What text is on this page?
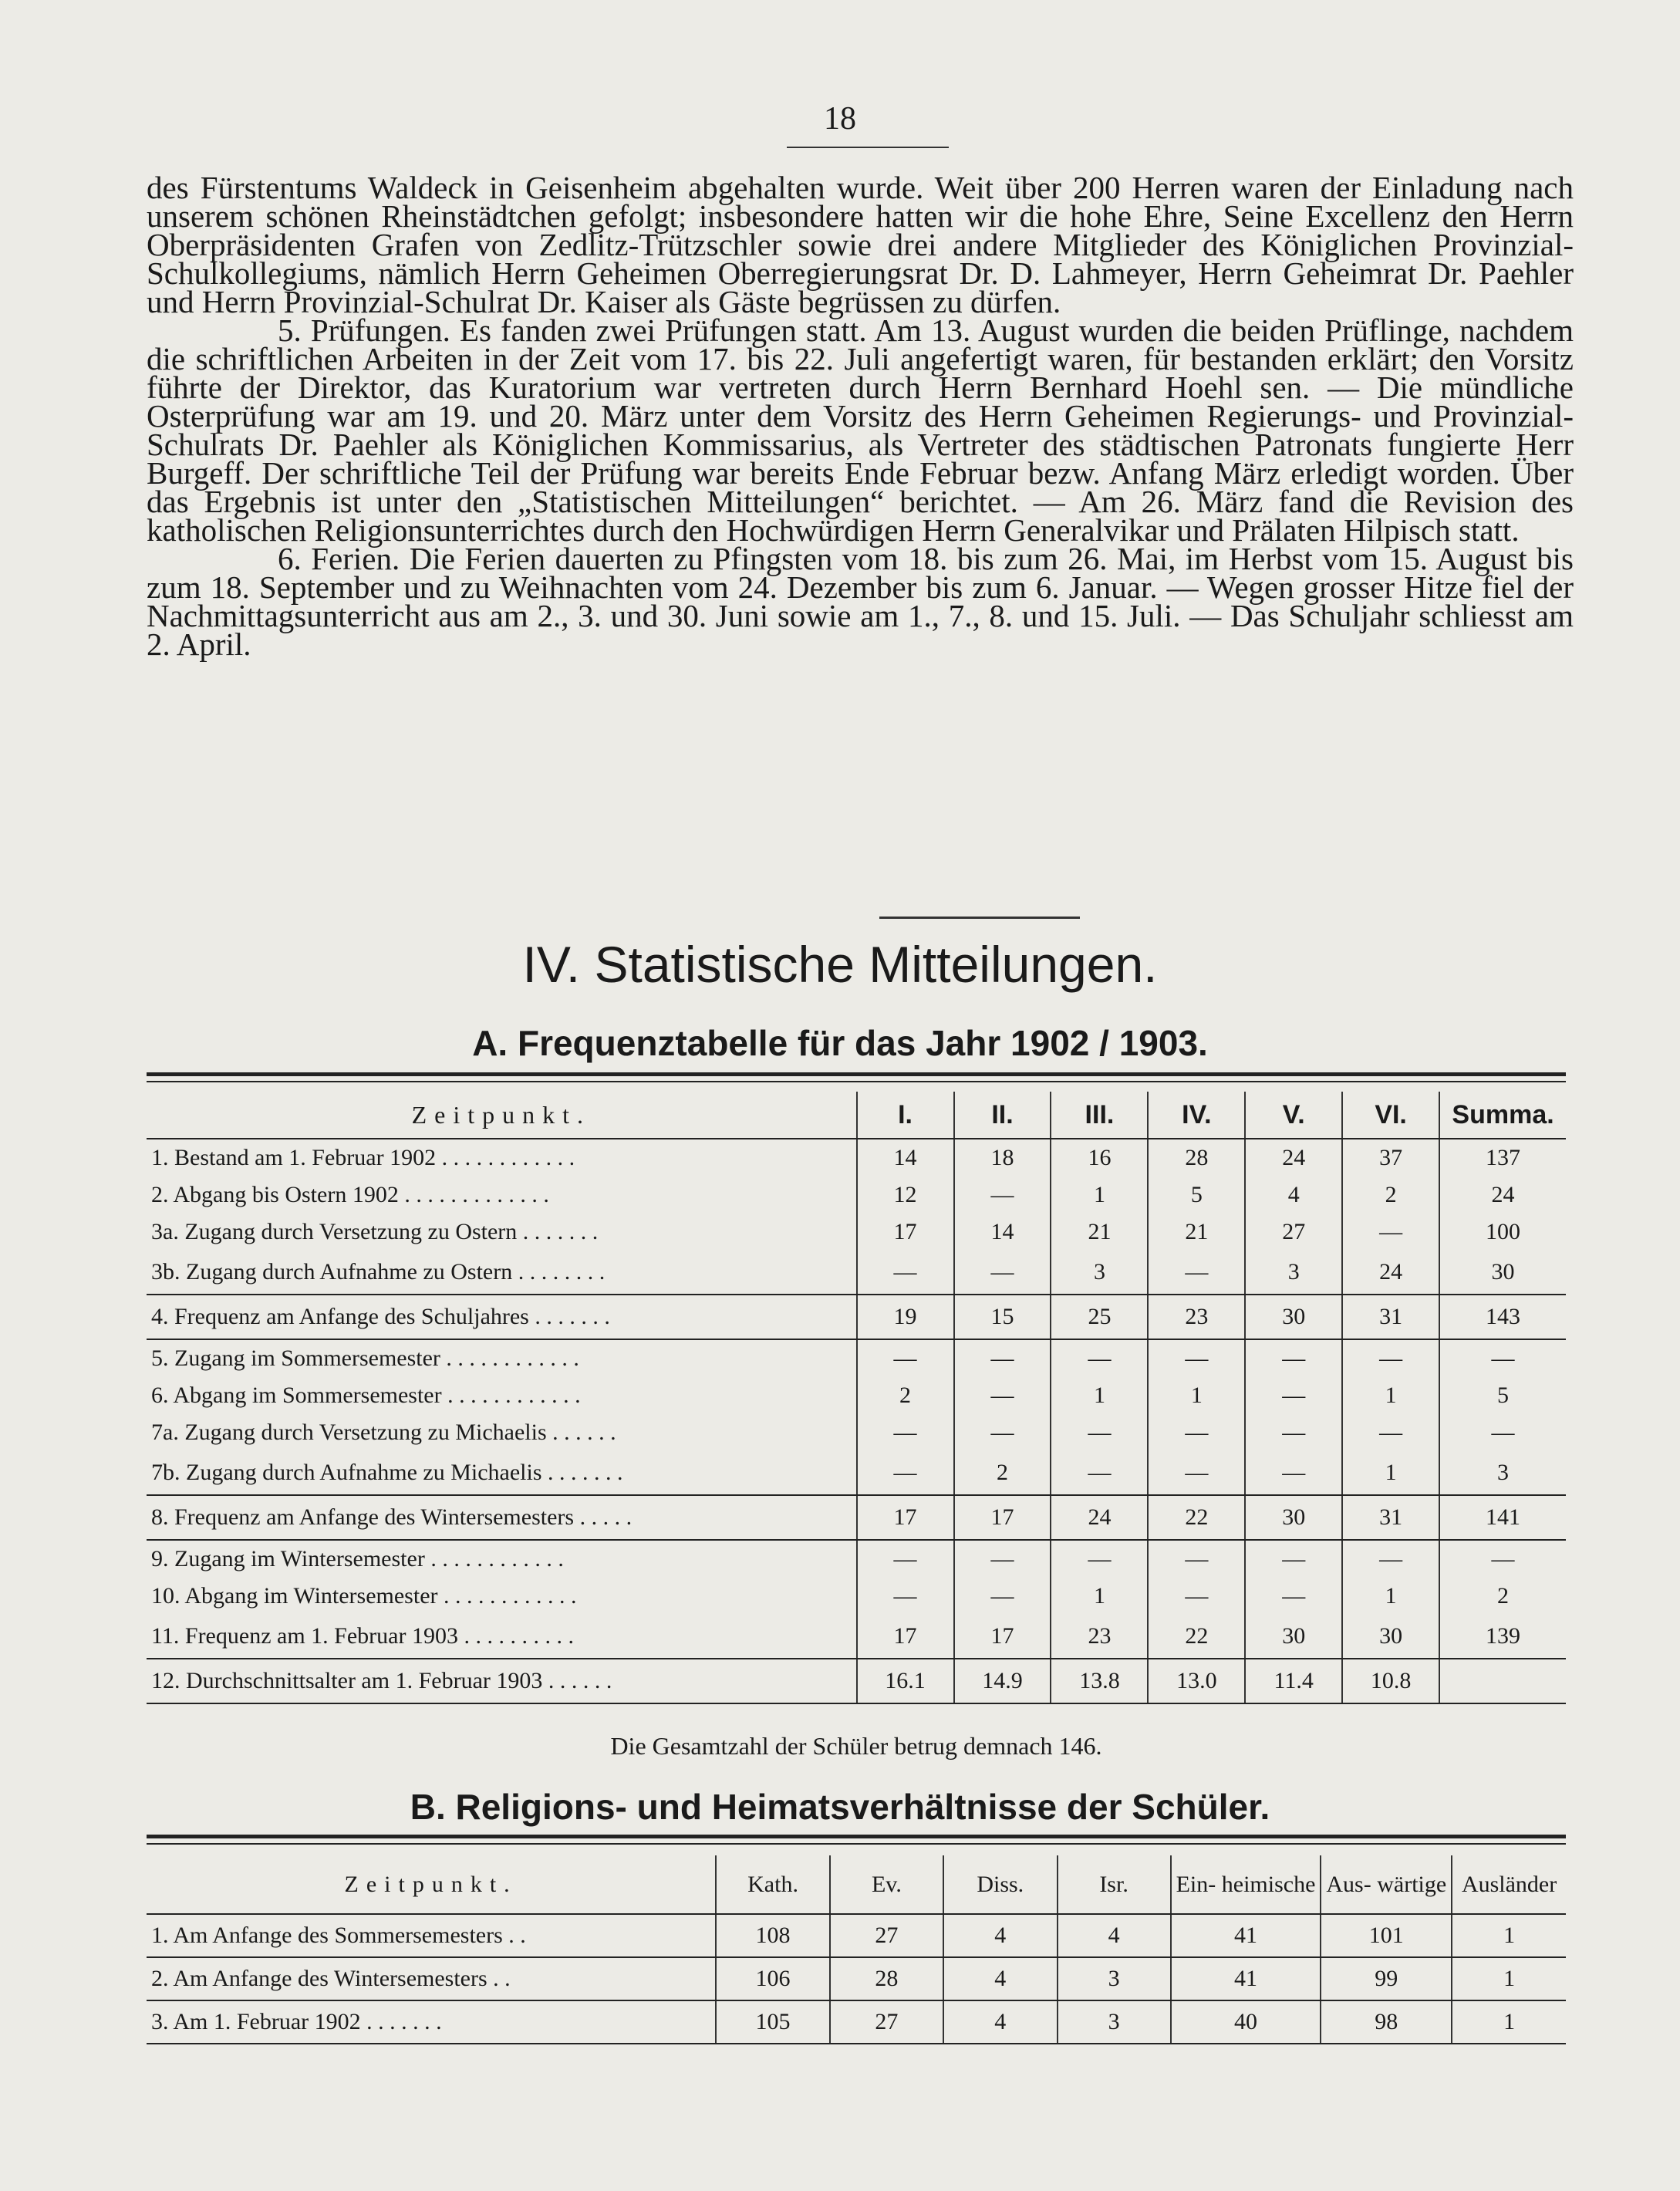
18

des Fürstentums Waldeck in Geisenheim abgehalten wurde. Weit über 200 Herren waren der Einladung nach unserem schönen Rheinstädtchen gefolgt; insbesondere hatten wir die hohe Ehre, Seine Excellenz den Herrn Oberpräsidenten Grafen von Zedlitz-Trützschler sowie drei andere Mitglieder des Königlichen Provinzial-Schulkollegiums, nämlich Herrn Geheimen Oberregierungsrat Dr. D. Lahmeyer, Herrn Geheimrat Dr. Paehler und Herrn Provinzial-Schulrat Dr. Kaiser als Gäste begrüssen zu dürfen.

5. Prüfungen. Es fanden zwei Prüfungen statt. Am 13. August wurden die beiden Prüflinge, nachdem die schriftlichen Arbeiten in der Zeit vom 17. bis 22. Juli angefertigt waren, für bestanden erklärt; den Vorsitz führte der Direktor, das Kuratorium war vertreten durch Herrn Bernhard Hoehl sen. — Die mündliche Osterprüfung war am 19. und 20. März unter dem Vorsitz des Herrn Geheimen Regierungs- und Provinzial-Schulrats Dr. Paehler als Königlichen Kommissarius, als Vertreter des städtischen Patronats fungierte Herr Burgeff. Der schriftliche Teil der Prüfung war bereits Ende Februar bezw. Anfang März erledigt worden. Über das Ergebnis ist unter den „Statistischen Mitteilungen“ berichtet. — Am 26. März fand die Revision des katholischen Religionsunterrichtes durch den Hochwürdigen Herrn Generalvikar und Prälaten Hilpisch statt.

6. Ferien. Die Ferien dauerten zu Pfingsten vom 18. bis zum 26. Mai, im Herbst vom 15. August bis zum 18. September und zu Weihnachten vom 24. Dezember bis zum 6. Januar. — Wegen grosser Hitze fiel der Nachmittagsunterricht aus am 2., 3. und 30. Juni sowie am 1., 7., 8. und 15. Juli. — Das Schuljahr schliesst am 2. April.

IV. Statistische Mitteilungen.
A. Frequenztabelle für das Jahr 1902 / 1903.
Zeitpunkt.	I.	II.	III.	IV.	V.	VI.	Summa.
1. Bestand am 1. Februar 1902 . . . . . . . . . . . .	14	18	16	28	24	37	137
2. Abgang bis Ostern 1902 . . . . . . . . . . . . .	12	—	1	5	4	2	24
3a. Zugang durch Versetzung zu Ostern . . . . . . .	17	14	21	21	27	—	100
3b. Zugang durch Aufnahme zu Ostern . . . . . . . .	—	—	3	—	3	24	30
4. Frequenz am Anfange des Schuljahres . . . . . . .	19	15	25	23	30	31	143
5. Zugang im Sommersemester . . . . . . . . . . . .	—	—	—	—	—	—	—
6. Abgang im Sommersemester . . . . . . . . . . . .	2	—	1	1	—	1	5
7a. Zugang durch Versetzung zu Michaelis . . . . . .	—	—	—	—	—	—	—
7b. Zugang durch Aufnahme zu Michaelis . . . . . . .	—	2	—	—	—	1	3
8. Frequenz am Anfange des Wintersemesters . . . . .	17	17	24	22	30	31	141
9. Zugang im Wintersemester . . . . . . . . . . . .	—	—	—	—	—	—	—
10. Abgang im Wintersemester . . . . . . . . . . . .	—	—	1	—	—	1	2
11. Frequenz am 1. Februar 1903 . . . . . . . . . .	17	17	23	22	30	30	139
12. Durchschnittsalter am 1. Februar 1903 . . . . . .	16.1	14.9	13.8	13.0	11.4	10.8	
Die Gesamtzahl der Schüler betrug demnach 146.
B. Religions- und Heimatsverhältnisse der Schüler.
Zeitpunkt.	Kath.	Ev.	Diss.	Isr.	Ein- heimische	Aus- wärtige	Ausländer
1. Am Anfange des Sommersemesters . .	108	27	4	4	41	101	1
2. Am Anfange des Wintersemesters . .	106	28	4	3	41	99	1
3. Am 1. Februar 1902 . . . . . . .	105	27	4	3	40	98	1
